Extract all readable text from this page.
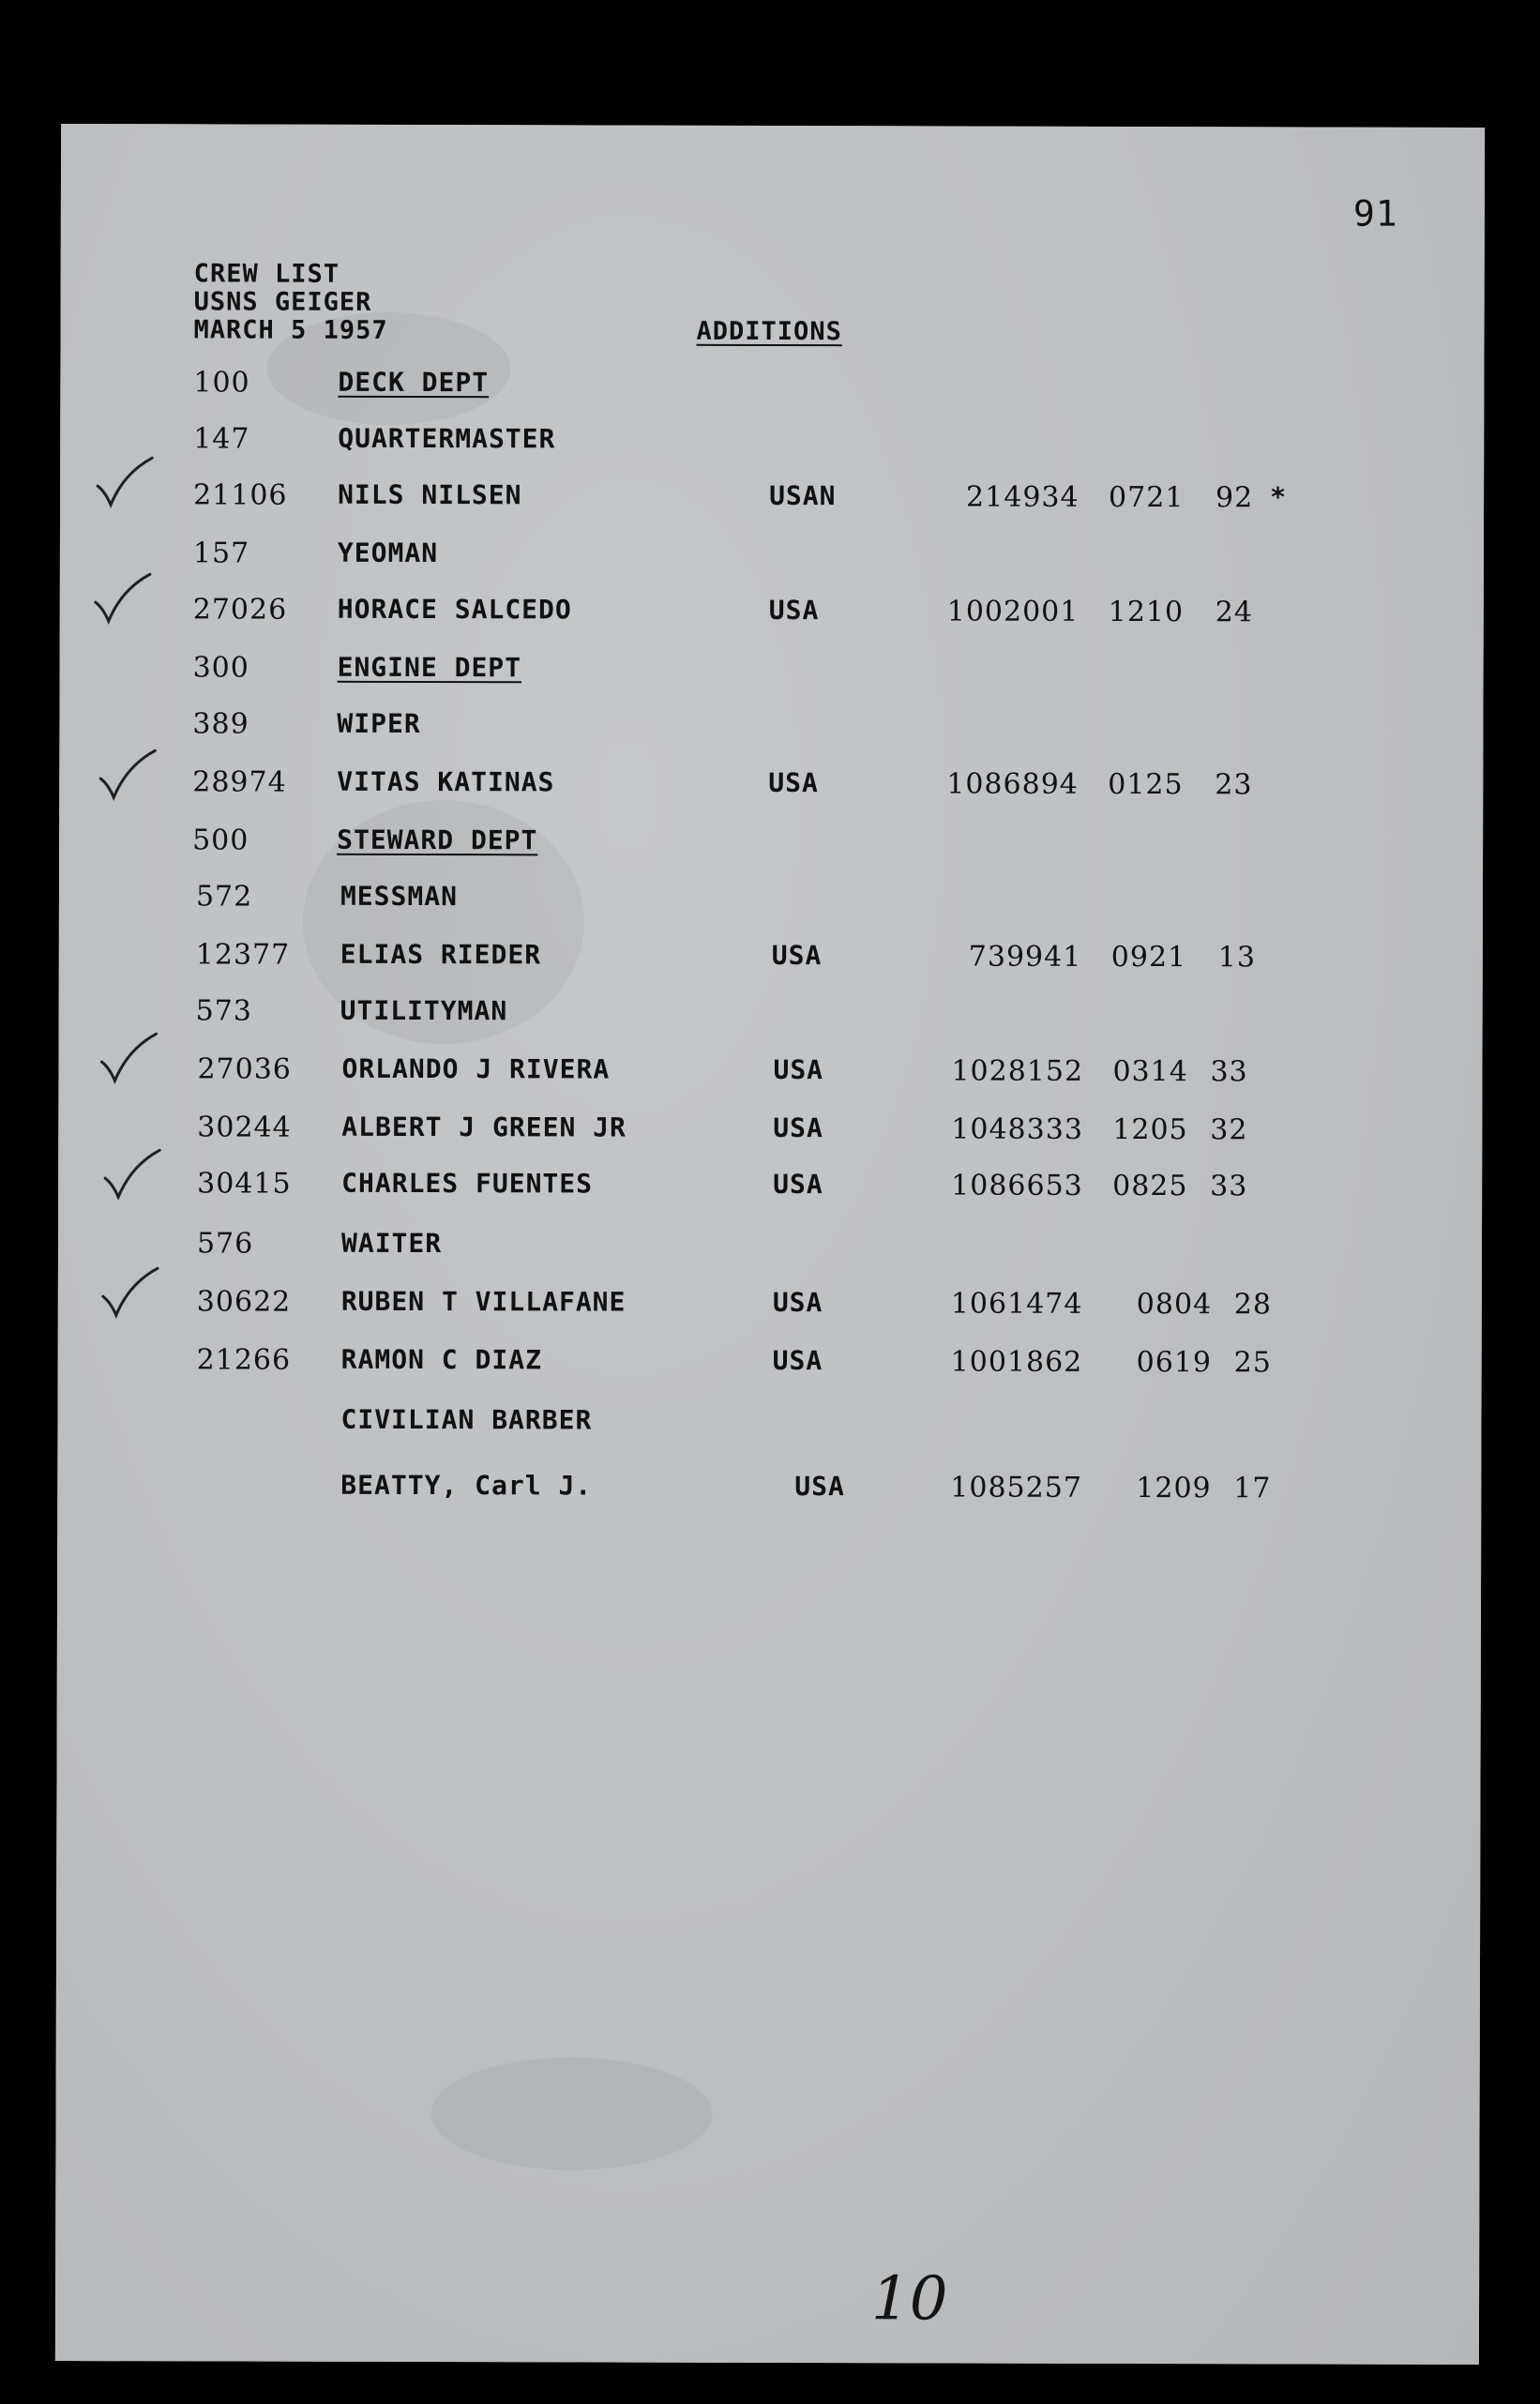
91
CREW LIST
USNS GEIGER
MARCH 5 1957	ADDITIONS
100	DECK DEPT
147	QUARTERMASTER
21106 NILS NILSEN	USAN	214934 0721 92 *
157	YEOMAN
27026 HORACE SALCEDO	USA	1002001 1210 24
300	ENGINE DEPT
389	WIPER
28974 VITAS KATINAS	USA	1086894 0125 23
500	STEWARD DEPT
572	MESSMAN
12377 ELIAS RIEDER	USA	739941 0921 13
573	UTILITYMAN
27036 ORLANDO J RIVERA	USA	1028152 0314 33
30244 ALBERT J GREEN JR	USA	1048333 1205 32
30415 CHARLES FUENTES	USA	1086653 0825 33
576	WAITER
30622 RUBEN T VILLAFANE	USA	1061474 0804 28
21266 RAMON C DIAZ	USA	1001862 0619 25
CIVILIAN BARBER
BEATTY, Carl J.	USA	1085257 1209 17
10
